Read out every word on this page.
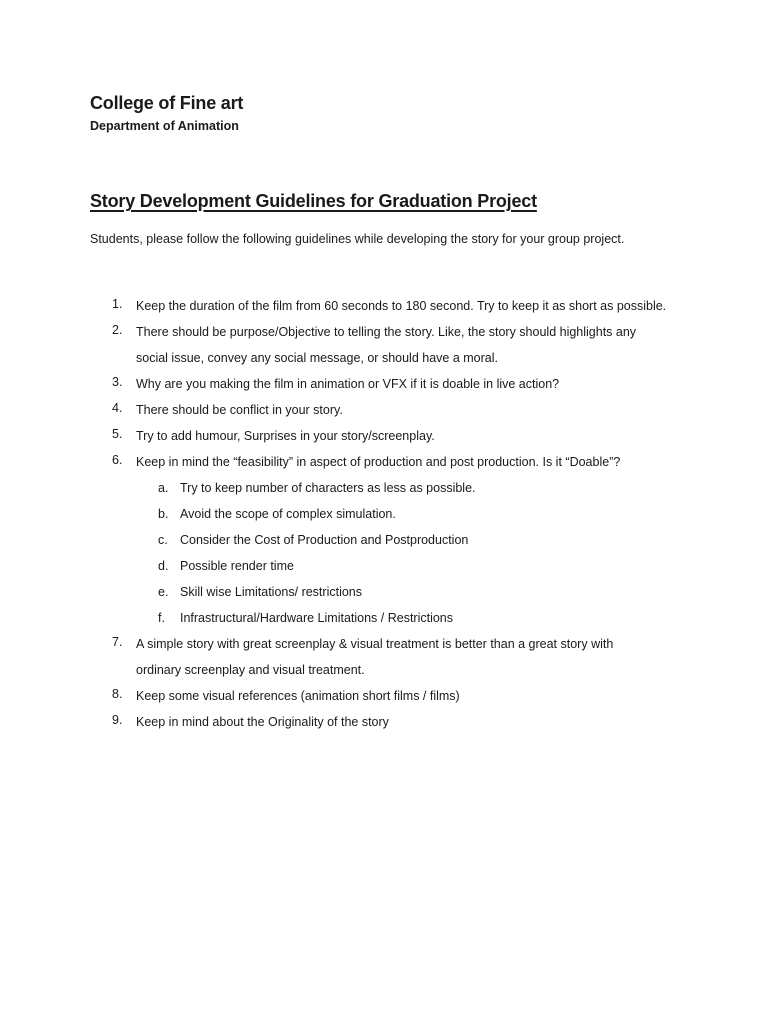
College of Fine art
Department of Animation
Story Development Guidelines for Graduation Project

Students, please follow the following guidelines while developing the story for your group project.

1.	Keep the duration of the film from 60 seconds to 180 second. Try to keep it as short as possible.
2.	There should be purpose/Objective to telling the story. Like, the story should highlights any
social issue, convey any social message, or should have a moral.
3.	Why are you making the film in animation or VFX if it is doable in live action?
4.	There should be conflict in your story.
5.	Try to add humour, Surprises in your story/screenplay.
6.	Keep in mind the “feasibility” in aspect of production and post production. Is it “Doable”?
a. Try to keep number of characters as less as possible.
b. Avoid the scope of complex simulation.
c. Consider the Cost of Production and Postproduction
d. Possible render time
e. Skill wise Limitations/ restrictions
f. Infrastructural/Hardware Limitations / Restrictions
7.	A simple story with great screenplay & visual treatment is better than a great story with
ordinary screenplay and visual treatment.
8.	Keep some visual references (animation short films / films)
9.	Keep in mind about the Originality of the story
